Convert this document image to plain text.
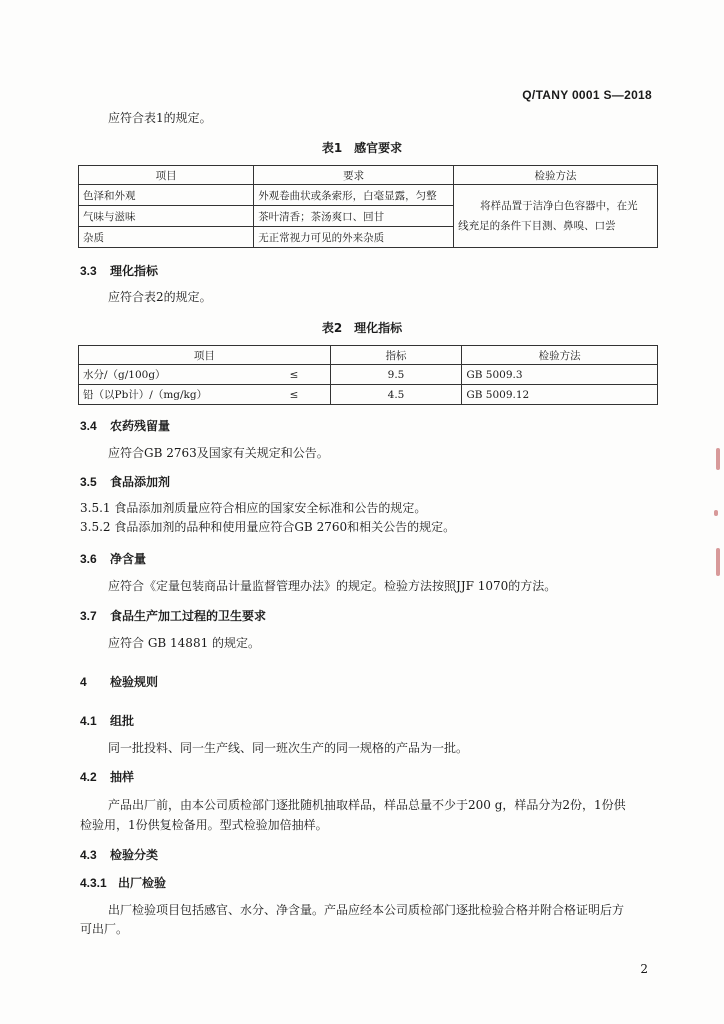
Q/TANY 0001 S—2018
应符合表1的规定。
表1　感官要求
项目	要求	检验方法
色泽和外观	外观卷曲状或条索形，白毫显露，匀整	将样品置于洁净白色容器中，在光
线充足的条件下目测、鼻嗅、口尝

气味与滋味	茶叶清香；茶汤爽口、回甘	
杂质	无正常视力可见的外来杂质	
3.3 理化指标
应符合表2的规定。
表2　理化指标
项目		指标	检验方法
水分/（g/100g）	≤	9.5	GB 5009.3
铅（以Pb计）/（mg/kg）	≤	4.5	GB 5009.12
3.4 农药残留量
应符合GB 2763及国家有关规定和公告。
3.5 食品添加剂
3.5.1 食品添加剂质量应符合相应的国家安全标准和公告的规定。
3.5.2 食品添加剂的品种和使用量应符合GB 2760和相关公告的规定。
3.6 净含量
应符合《定量包装商品计量监督管理办法》的规定。检验方法按照JJF 1070的方法。
3.7 食品生产加工过程的卫生要求
应符合 GB 14881 的规定。
4 检验规则
4.1 组批
同一批投料、同一生产线、同一班次生产的同一规格的产品为一批。
4.2 抽样
产品出厂前，由本公司质检部门逐批随机抽取样品，样品总量不少于200 g，样品分为2份，1份供
检验用，1份供复检备用。型式检验加倍抽样。
4.3 检验分类
4.3.1 出厂检验
出厂检验项目包括感官、水分、净含量。产品应经本公司质检部门逐批检验合格并附合格证明后方
可出厂。
2
